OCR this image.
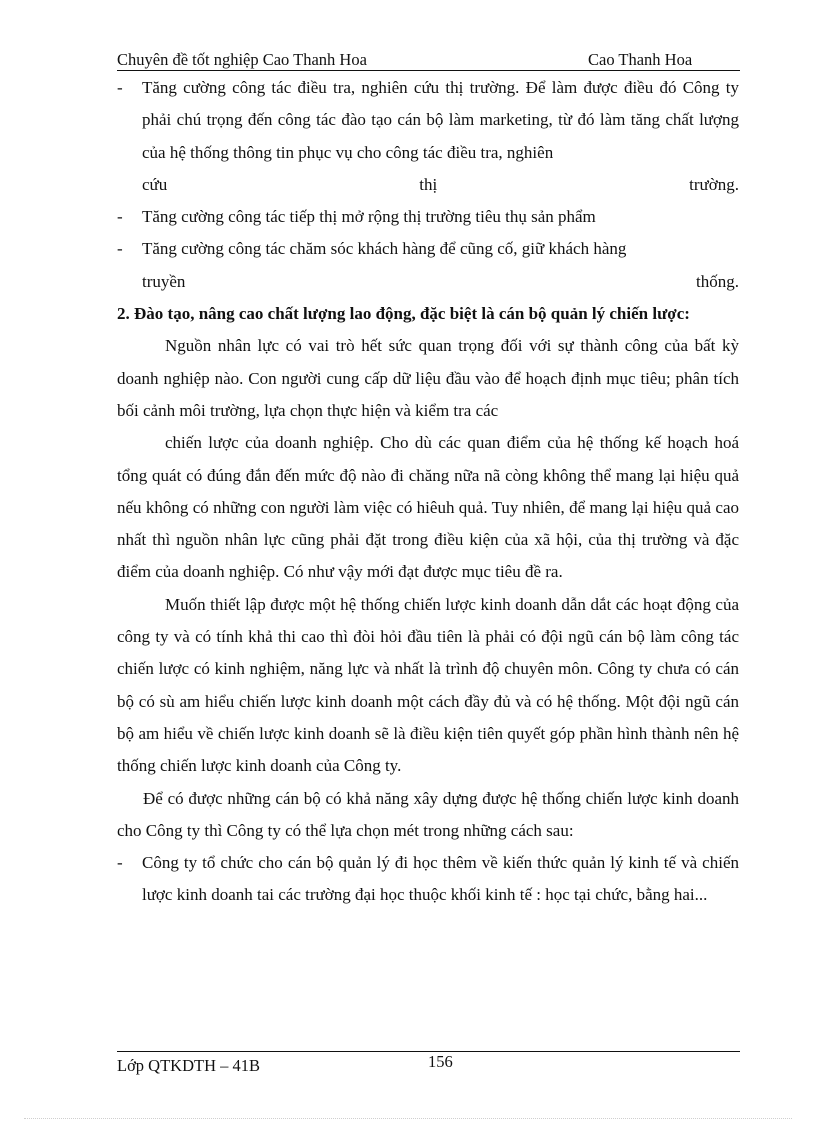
Chuyên đề tốt nghiệp Cao Thanh Hoa	Cao Thanh Hoa

- Tăng cường công tác điều tra, nghiên cứu thị trường. Để làm được điều đó Công ty phải chú trọng đến công tác đào tạo cán bộ làm marketing, từ đó làm tăng chất lượng của hệ thống thông tin phục vụ cho công tác điều tra, nghiên
cứu thị trường.

- Tăng cường công tác tiếp thị mở rộng thị trường tiêu thụ sản phẩm

- Tăng cường công tác chăm sóc khách hàng để cũng cố, giữ khách hàng
truyền thống.

2. Đào tạo, nâng cao chất lượng lao động, đặc biệt là cán bộ quản lý chiến lược:

Nguồn nhân lực có vai trò hết sức quan trọng đối với sự thành công của bất kỳ doanh nghiệp nào. Con người cung cấp dữ liệu đầu vào để hoạch định mục tiêu; phân tích bối cảnh môi trường, lựa chọn thực hiện và kiểm tra các

chiến lược của doanh nghiệp. Cho dù các quan điểm của hệ thống kế hoạch hoá tổng quát có đúng đắn đến mức độ nào đi chăng nữa nã còng không thể mang lại hiệu quả nếu không có những con người làm việc có hiêuh quả. Tuy nhiên, để mang lại hiệu quả cao nhất thì nguồn nhân lực cũng phải đặt trong điều kiện của xã hội, của thị trường và đặc điểm của doanh nghiệp. Có như vậy mới đạt được mục tiêu đề ra.

Muốn thiết lập được một hệ thống chiến lược kinh doanh dẫn dắt các hoạt động của công ty và có tính khả thi cao thì đòi hỏi đầu tiên là phải có đội ngũ cán bộ làm công tác chiến lược có kinh nghiệm, năng lực và nhất là trình độ chuyên môn. Công ty chưa có cán bộ có sù am hiểu chiến lược kinh doanh một cách đầy đủ và có hệ thống. Một đội ngũ cán bộ am hiểu về chiến lược kinh doanh sẽ là điều kiện tiên quyết góp phần hình thành nên hệ thống chiến lược kinh doanh của Công ty.

Để có được những cán bộ có khả năng xây dựng được hệ thống chiến lược kinh doanh cho Công ty thì Công ty có thể lựa chọn mét trong những cách sau:

- Công ty tổ chức cho cán bộ quản lý đi học thêm về kiến thức quản lý kinh tế và chiến lược kinh doanh tai các trường đại học thuộc khối kinh tế : học tại chức, bằng hai...

Lớp QTKDTH – 41B	156
